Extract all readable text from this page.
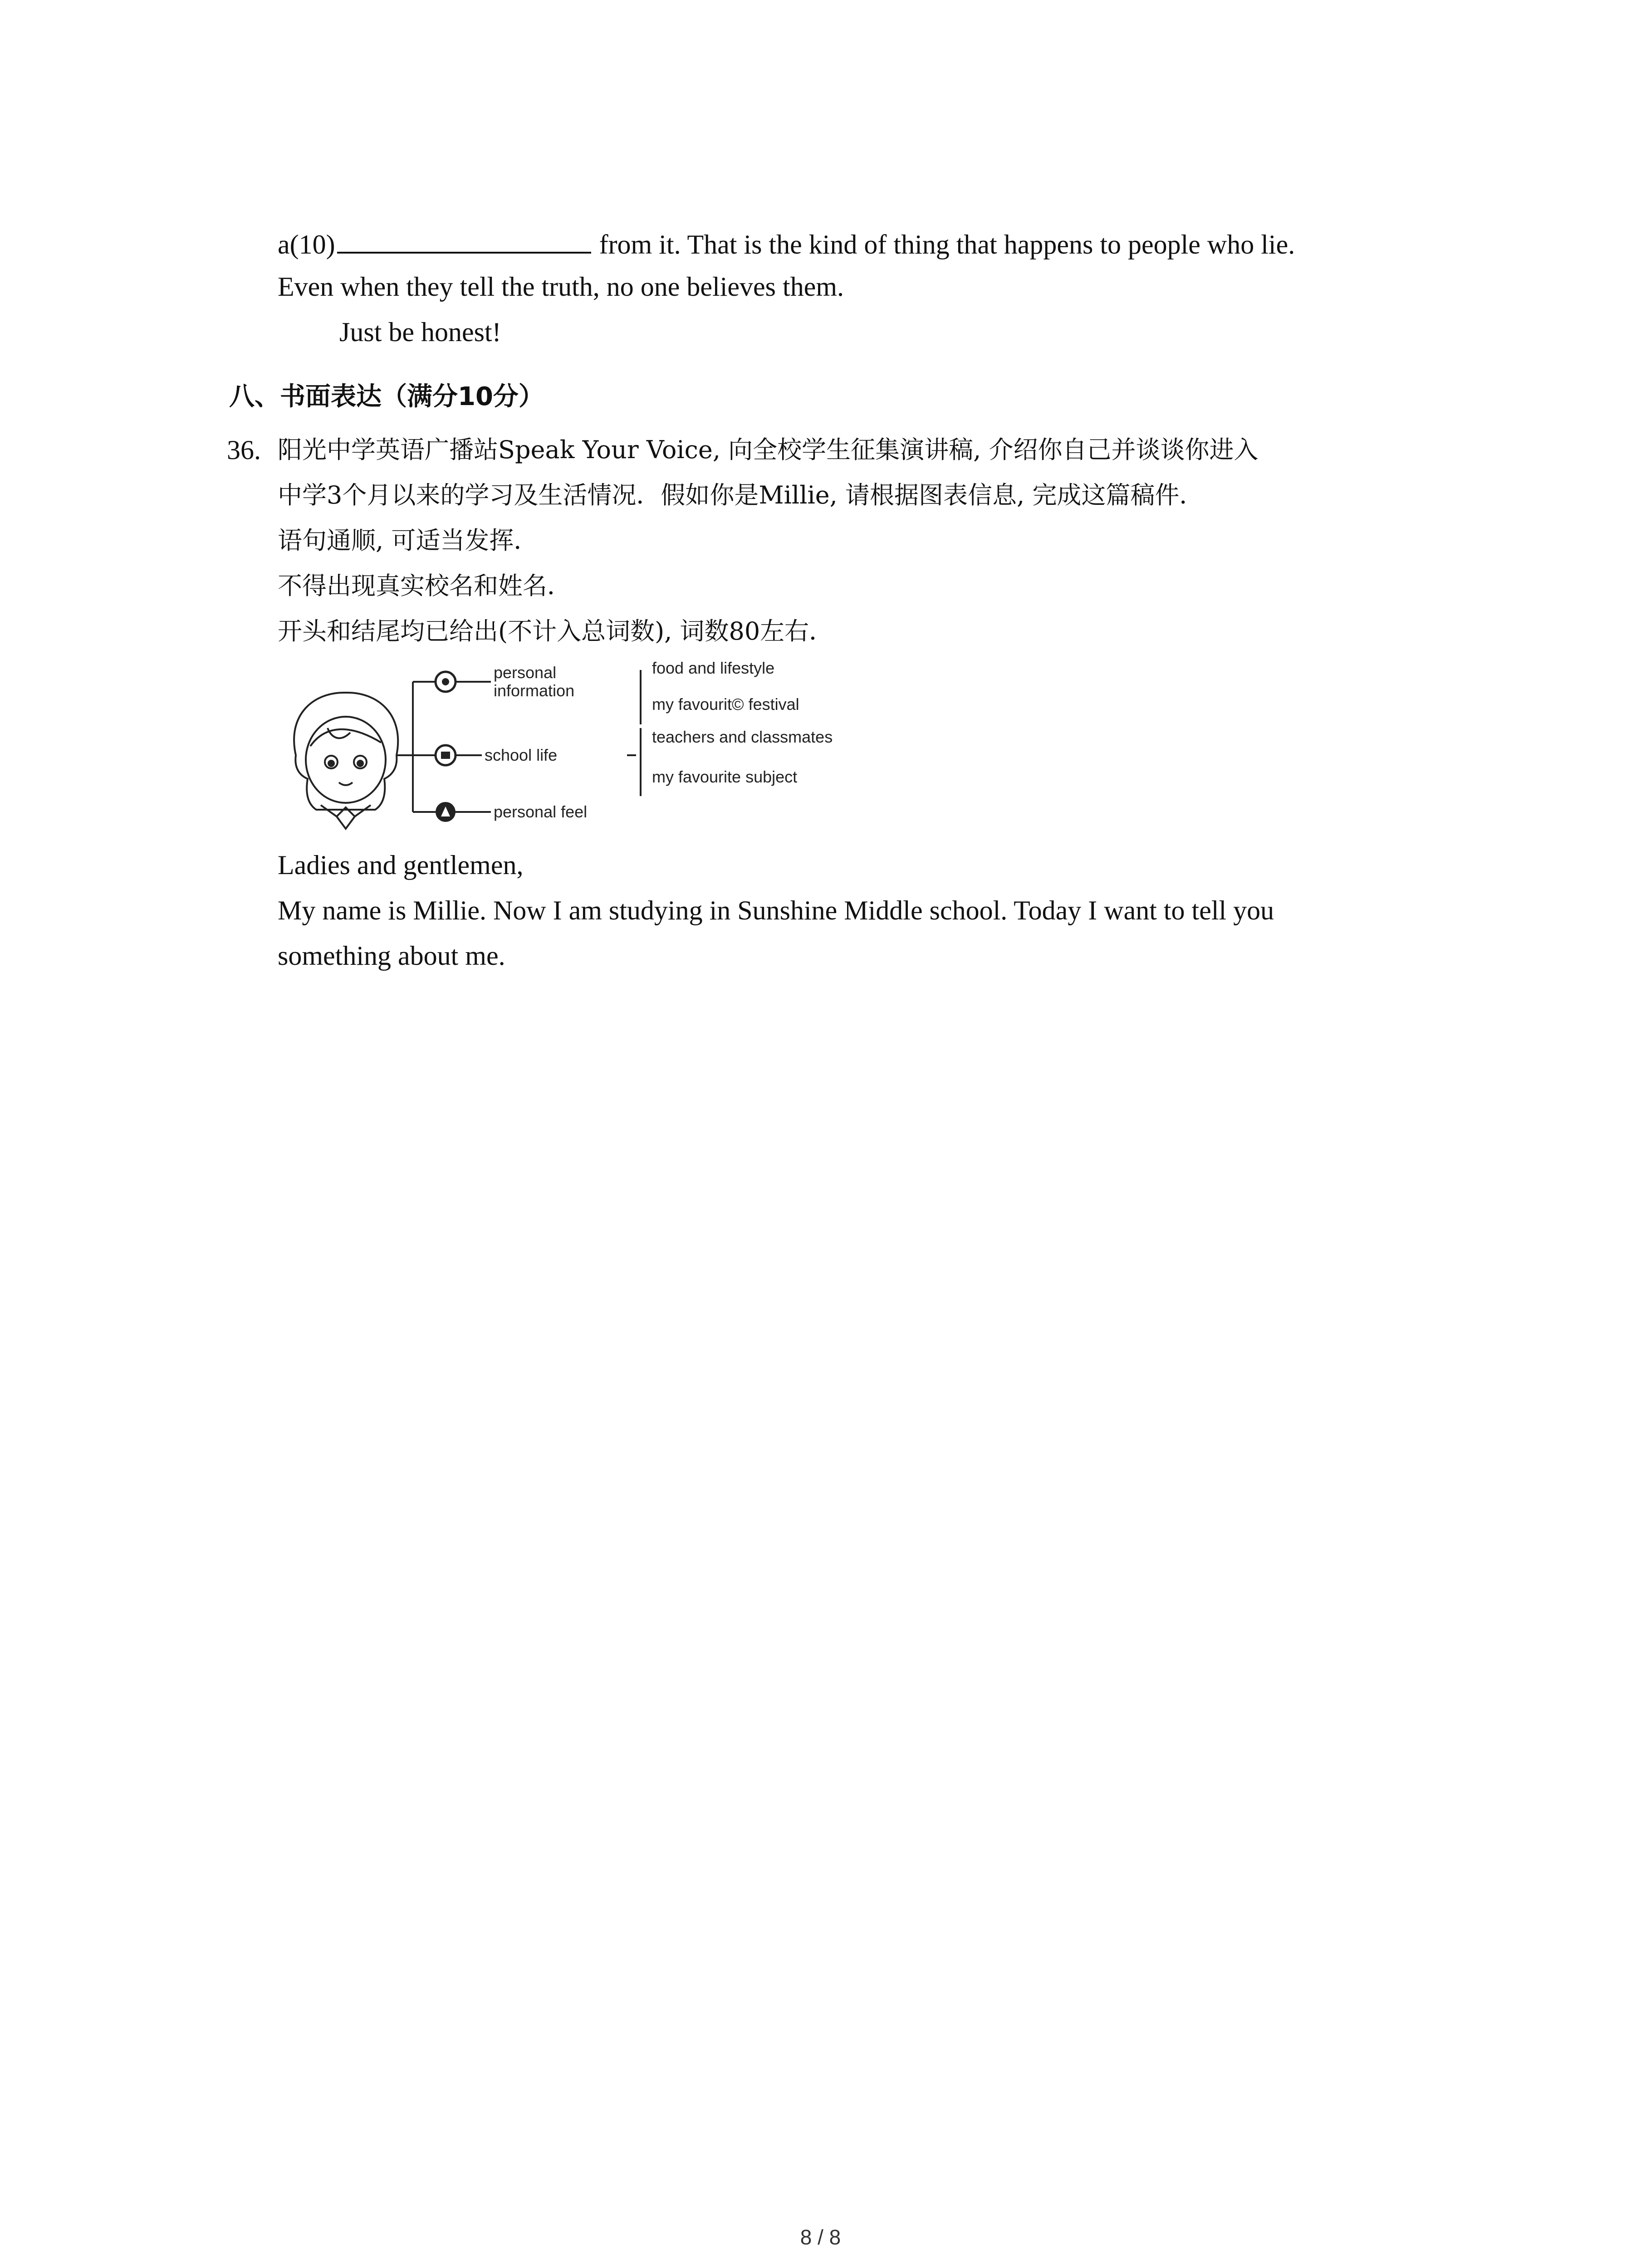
a(10)	from it. That is the kind of thing that happens to people who lie.
Even when they tell the truth, no one believes them.
Just be honest!
八、书面表达（满分10分）
36. 阳光中学英语广播站Speak Your Voice, 向全校学生征集演讲稿, 介绍你自己并谈谈你进入
中学3个月以来的学习及生活情况．假如你是Millie, 请根据图表信息, 完成这篇稿件．
语句通顺, 可适当发挥．
不得出现真实校名和姓名．
开头和结尾均已给出(不计入总词数), 词数80左右．
personal
information
school life
personal feel
food and lifestyle
my favourit© festival
teachers and classmates
my favourite subject
Ladies and gentlemen,
My name is Millie. Now I am studying in Sunshine Middle school. Today I want to tell you
something about me.
8 / 8
